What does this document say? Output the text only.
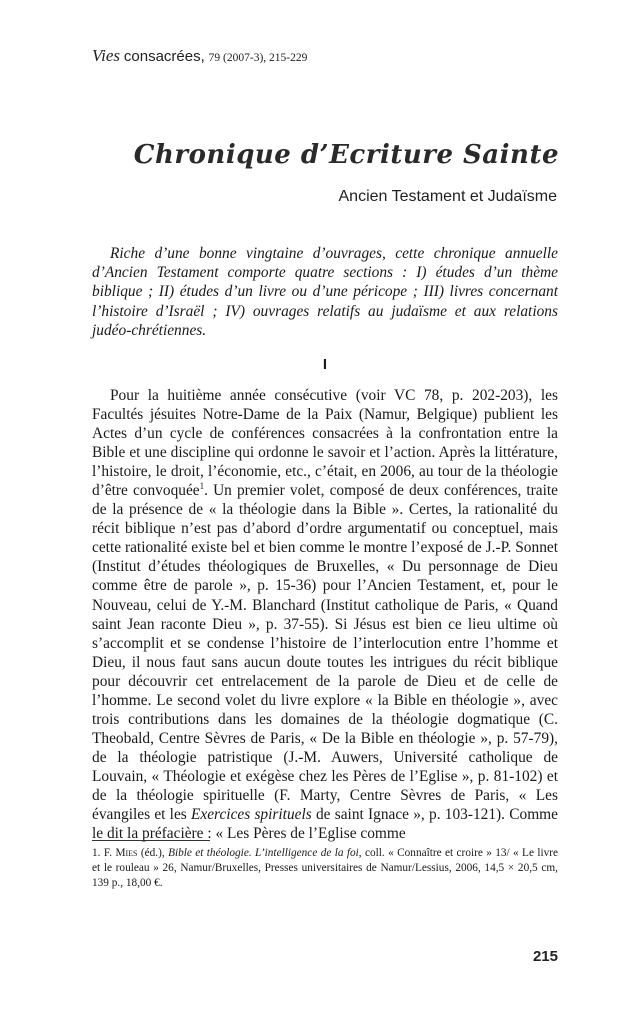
Vies consacrées, 79 (2007-3), 215-229
Chronique d’Ecriture Sainte
Ancien Testament et Judaïsme

Riche d’une bonne vingtaine d’ouvrages, cette chronique annuelle d’Ancien Testament comporte quatre sections : I) études d’un thème biblique ; II) études d’un livre ou d’une péricope ; III) livres concernant l’histoire d’Israël ; IV) ouvrages relatifs au judaïsme et aux relations judéo-chrétiennes.

I

Pour la huitième année consécutive (voir VC 78, p. 202-203), les Facultés jésuites Notre-Dame de la Paix (Namur, Belgique) publient les Actes d’un cycle de conférences consacrées à la confrontation entre la Bible et une discipline qui ordonne le savoir et l’action. Après la littérature, l’histoire, le droit, l’économie, etc., c’était, en 2006, au tour de la théologie d’être convoquée$^1$. Un premier volet, composé de deux conférences, traite de la présence de « la théologie dans la Bible ». Certes, la rationalité du récit biblique n’est pas d’abord d’ordre argumentatif ou conceptuel, mais cette rationalité existe bel et bien comme le montre l’exposé de J.-P. Sonnet (Institut d’études théologiques de Bruxelles, « Du personnage de Dieu comme être de parole », p. 15-36) pour l’Ancien Testament, et, pour le Nouveau, celui de Y.-M. Blanchard (Institut catholique de Paris, « Quand saint Jean raconte Dieu », p. 37-55). Si Jésus est bien ce lieu ultime où s’accomplit et se condense l’histoire de l’interlocution entre l’homme et Dieu, il nous faut sans aucun doute toutes les intrigues du récit biblique pour découvrir cet entrelacement de la parole de Dieu et de celle de l’homme. Le second volet du livre explore « la Bible en théologie », avec trois contributions dans les domaines de la théologie dogmatique (C. Theobald, Centre Sèvres de Paris, « De la Bible en théologie », p. 57-79), de la théologie patristique (J.-M. Auwers, Université catholique de Louvain, « Théologie et exégèse chez les Pères de l’Eglise », p. 81-102) et de la théologie spirituelle (F. Marty, Centre Sèvres de Paris, « Les évangiles et les Exercices spirituels de saint Ignace », p. 103-121). Comme le dit la préfacière : « Les Pères de l’Eglise comme

1. F. Mies (éd.), Bible et théologie. L’intelligence de la foi, coll. « Connaître et croire » 13/ « Le livre et le rouleau » 26, Namur/Bruxelles, Presses universitaires de Namur/Lessius, 2006, 14,5 × 20,5 cm, 139 p., 18,00 €.

215
